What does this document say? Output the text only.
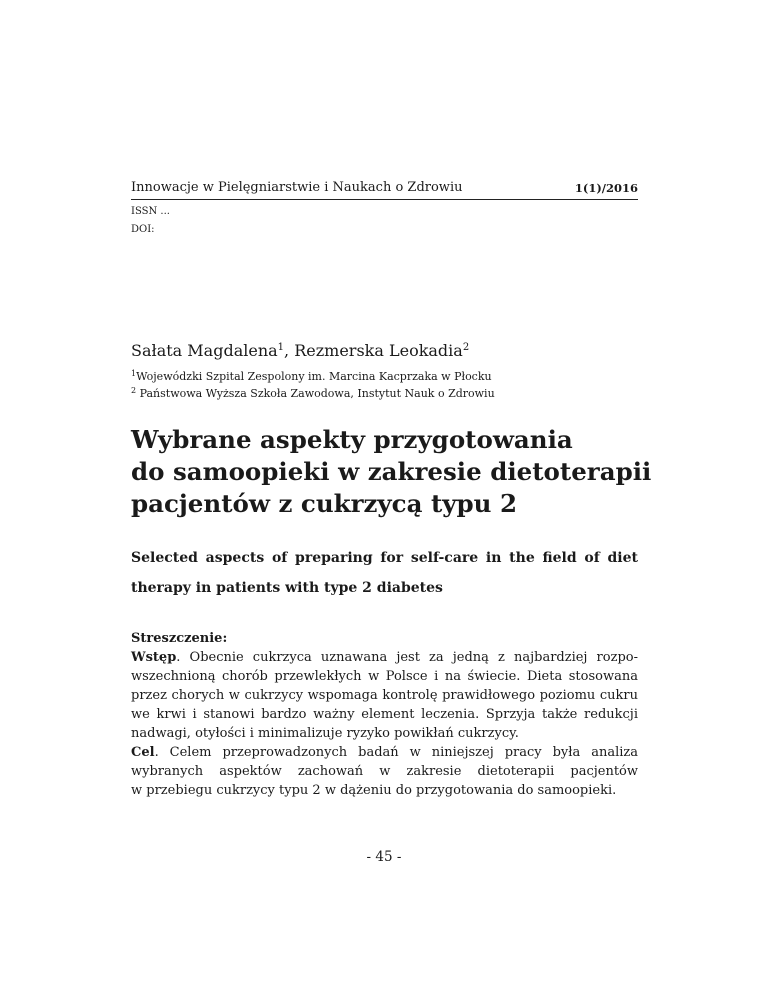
Innowacje w Pielęgniarstwie i Naukach o Zdrowiu	1(1)/2016
ISSN ...
DOI:
Sałata Magdalena$^1$, Rezmerska Leokadia$^2$
$^1$Wojewódzki Szpital Zespolony im. Marcina Kacprzaka w Płocku
$^2$ Państwowa Wyższa Szkoła Zawodowa, Instytut Nauk o Zdrowiu
Wybrane aspekty przygotowania
do samoopieki w zakresie dietoterapii
pacjentów z cukrzycą typu 2
Selected aspects of preparing for self-care in the field of diet
therapy in patients with type 2 diabetes
Streszczenie:
Wstęp. Obecnie cukrzyca uznawana jest za jedną z najbardziej rozpo-
wszechnioną chorób przewlekłych w Polsce i na świecie. Dieta stosowana
przez chorych w cukrzycy wspomaga kontrolę prawidłowego poziomu cukru
we krwi i stanowi bardzo ważny element leczenia. Sprzyja także redukcji
nadwagi, otyłości i minimalizuje ryzyko powikłań cukrzycy.
Cel. Celem przeprowadzonych badań w niniejszej pracy była analiza
wybranych aspektów zachowań w zakresie dietoterapii pacjentów
w przebiegu cukrzycy typu 2 w dążeniu do przygotowania do samoopieki.
- 45 -
